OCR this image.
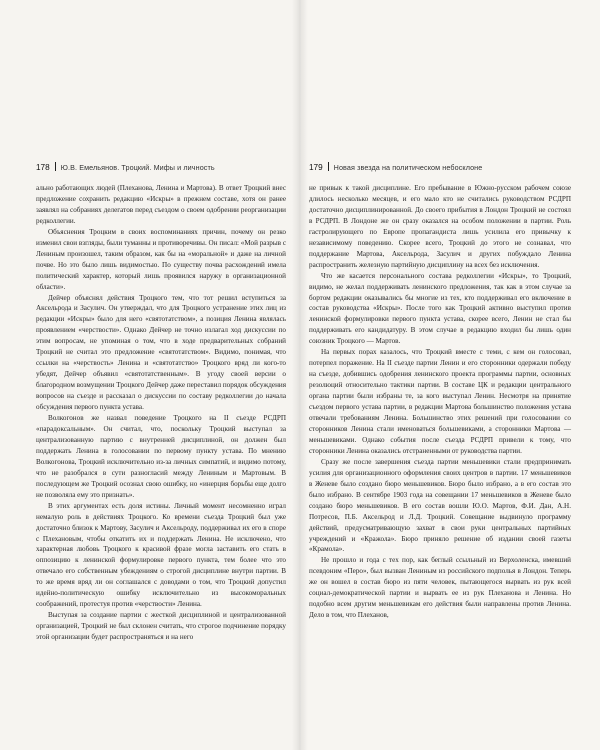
178 Ю.В. Емельянов. Троцкий. Мифы и личность

ально работающих людей (Плеханова, Ленина и Мартова). В ответ Троцкий внес предложение сохранить редакцию «Искры» в прежнем составе, хотя он ранее заявлял на собраниях делегатов перед съездом о своем одобрении реорганизации редколлегии.

Объяснения Троцким в своих воспоминаниях причин, почему он резко изменил свои взгляды, были туманны и противоречивы. Он писал: «Мой разрыв с Лениным произошел, таким образом, как бы на «моральной» и даже на личной почве. Но это было лишь видимостью. По существу почва расхождений имела политический характер, который лишь проявился наружу в организационной области».

Дейчер объяснял действия Троцкого тем, что тот решил вступиться за Аксельрода и Засулич. Он утверждал, что для Троцкого устранение этих лиц из редакции «Искры» было для него «святотатством», а позиция Ленина являлась проявлением «черствости». Однако Дейчер не точно излагал ход дискуссии по этим вопросам, не упоминая о том, что в ходе предварительных собраний Троцкий не считал это предложение «святотатством». Видимо, понимая, что ссылки на «черствость» Ленина и «святотатство» Троцкого вряд ли кого-то убедят, Дейчер объявил «святотатственным». В угоду своей версии о благородном возмущении Троцкого Дейчер даже переставил порядок обсуждения вопросов на съезде и рассказал о дискуссии по составу редколлегии до начала обсуждения первого пункта устава.

Волкогонов же назвал поведение Троцкого на II съезде РСДРП «парадоксальным». Он считал, что, поскольку Троцкий выступал за централизованную партию с внутренней дисциплиной, он должен был поддержать Ленина в голосовании по первому пункту устава. По мнению Волкогонова, Троцкий исключительно из-за личных симпатий, и видимо потому, что не разобрался в сути разногласий между Лениным и Мартовым. В последующем же Троцкий осознал свою ошибку, но «инерция борьбы еще долго не позволяла ему это признать».

В этих аргументах есть доля истины. Личный момент несомненно играл немалую роль в действиях Троцкого. Ко времени съезда Троцкий был уже достаточно близок к Мартову, Засулич и Аксельроду, поддерживал их его в споре с Плехановым, чтобы откатить их и поддержать Ленина. Не исключено, что характерная любовь Троцкого к красивой фразе могла заставить его стать в оппозицию к ленинской формулировке первого пункта, тем более что это отвечало его собственным убеждениям о строгой дисциплине внутри партии. В то же время вряд ли он соглашался с доводами о том, что Троцкий допустил идейно-политическую ошибку исключительно из высокоморальных соображений, протестуя против «черствости» Ленина.

Выступая за создание партии с жесткой дисциплиной и централизованной организацией, Троцкий не был склонен считать, что строгое подчинение порядку этой организации будет распространяться и на него

179 Новая звезда на политическом небосклоне

не привык к такой дисциплине. Его пребывание в Южно-русском рабочем союзе длилось несколько месяцев, и его мало кто не считались руководством РСДРП достаточно дисциплинированной. До своего прибытия в Лондон Троцкий не состоял в РСДРП. В Лондоне же он сразу оказался на особом положении в партии. Роль гастролирующего по Европе пропагандиста лишь усилила его привычку к независимому поведению. Скорее всего, Троцкий до этого не сознавал, что поддержание Мартова, Аксельрода, Засулич и других побуждало Ленина распространить железную партийную дисциплину на всех без исключения.

Что же касается персонального состава редколлегии «Искры», то Троцкий, видимо, не желал поддерживать ленинского предложения, так как в этом случае за бортом редакции оказывались бы многие из тех, кто поддерживал его включение в состав руководства «Искры». После того как Троцкий активно выступил против ленинской формулировки первого пункта устава, скорее всего, Ленин не стал бы поддерживать его кандидатуру. В этом случае в редакцию входил бы лишь один союзник Троцкого — Мартов.

На первых порах казалось, что Троцкий вместе с теми, с кем он голосовал, потерпел поражение. На II съезде партии Ленин и его сторонники одержали победу на съезде, добившись одобрения ленинского проекта программы партии, основных резолюций относительно тактики партии. В составе ЦК и редакции центрального органа партии были избраны те, за кого выступал Ленин. Несмотря на принятие съездом первого устава партии, в редакции Мартова большинство положения устава отвечали требованиям Ленина. Большинство этих решений при голосовании со сторонников Ленина стали именоваться большевиками, а сторонники Мартова — меньшевиками. Однако события после съезда РСДРП привели к тому, что сторонники Ленина оказались отстраненными от руководства партии.

Сразу же после завершения съезда партии меньшевики стали предпринимать усилия для организационного оформления своих центров в партии. 17 меньшевиков в Женеве было создано бюро меньшевиков. Бюро было избрано, а в его состав это было избрано. В сентябре 1903 года на совещании 17 меньшевиков в Женеве было создано бюро меньшевиков. В его состав вошли Ю.О. Мартов, Ф.И. Дан, А.Н. Потресов, П.Б. Аксельрод и Л.Д. Троцкий. Совещание выдвинуло программу действий, предусматривающую захват в свои руки центральных партийных учреждений и «Кражола». Бюро приняло решение об издании своей газеты «Крамола».

Не прошло и года с тех пор, как беглый ссыльный из Верхоленска, имевший псевдоним «Перо», был вызван Лениным из российского подполья в Лондон. Теперь же он вошел в состав бюро из пяти человек, пытающегося вырвать из рук всей социал-демократической партии и вырвать ее из рук Плеханова и Ленина. Но подобно всем другим меньшевикам его действия были направлены против Ленина. Дело в том, что Плеханов,
